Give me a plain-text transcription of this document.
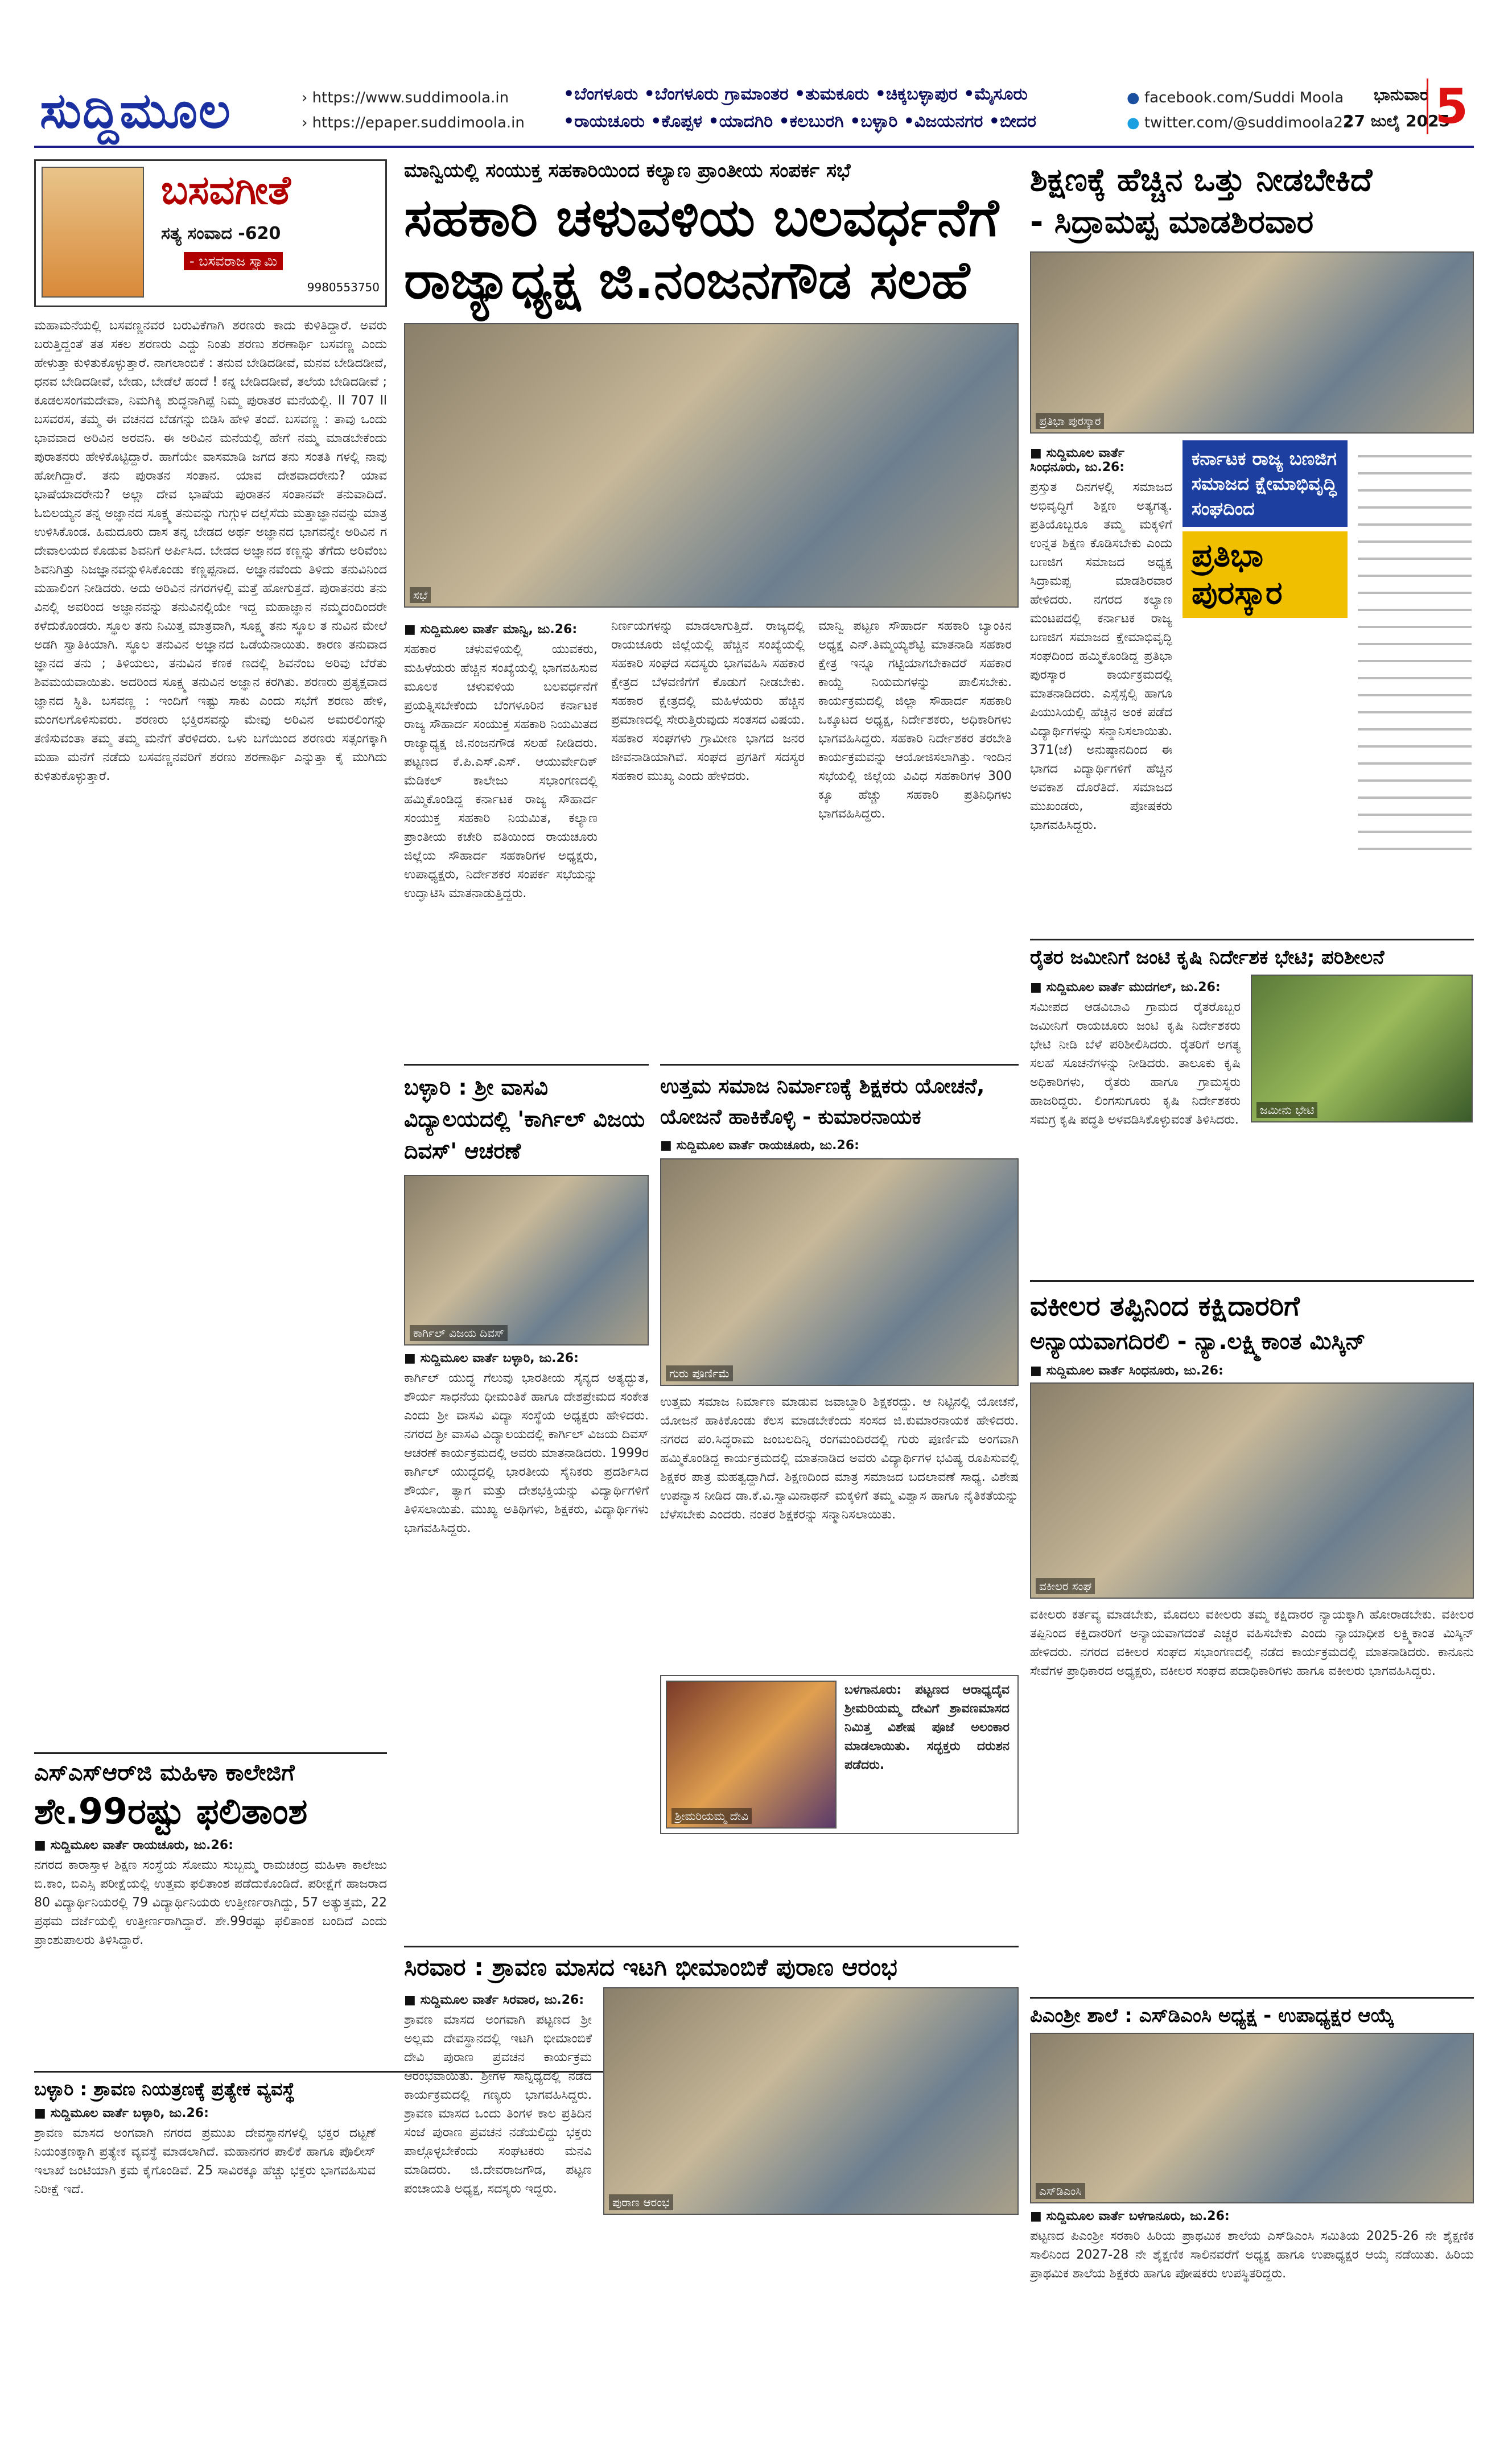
ಸುದ್ದಿಮೂಲ	› https://www.suddimoola.in
› https://epaper.suddimoola.in
•ಬೆಂಗಳೂರು •ಬೆಂಗಳೂರು ಗ್ರಾಮಾಂತರ •ತುಮಕೂರು •ಚಿಕ್ಕಬಳ್ಳಾಪುರ •ಮೈಸೂರು
•ರಾಯಚೂರು •ಕೊಪ್ಪಳ •ಯಾದಗಿರಿ •ಕಲಬುರಗಿ •ಬಳ್ಳಾರಿ •ವಿಜಯನಗರ •ಬೀದರ
● facebook.com/Suddi Moola
● twitter.com/@suddimoola22
ಭಾನುವಾರ
27 ಜುಲೈ 2025
5
ಬಸವಗೀತೆ
ಸತ್ಯ ಸಂವಾದ -620
- ಬಸವರಾಜ ಸ್ವಾಮಿ
9980553750
ಮಹಾಮನೆಯಲ್ಲಿ ಬಸವಣ್ಣನವರ ಬರುವಿಕೆಗಾಗಿ ಶರಣರು ಕಾದು ಕುಳಿತಿದ್ದಾರೆ. ಅವರು ಬರುತ್ತಿದ್ದಂತೆ ತತ ಸಕಲ ಶರಣರು ಎದ್ದು ನಿಂತು ಶರಣು ಶರಣಾರ್ಥಿ ಬಸವಣ್ಣ ಎಂದು ಹೇಳುತ್ತಾ ಕುಳಿತುಕೊಳ್ಳುತ್ತಾರೆ. ನಾಗಲಾಂಬಿಕೆ : ತನುವ ಬೇಡಿದಡೀವೆ, ಮನವ ಬೇಡಿದಡೀವೆ, ಧನವ ಬೇಡಿದಡೀವೆ, ಬೇಡು, ಬೇಡೆಲೆ ಹಂದೆ ! ಕನ್ನ ಬೇಡಿದಡೀವೆ, ತಲೆಯ ಬೇಡಿದಡೀವೆ ; ಕೂಡಲಸಂಗಮದೇವಾ, ನಿಮಗಿಕ್ಕಿ ಶುದ್ಧನಾಗಿಪ್ಪೆ ನಿಮ್ಮ ಪುರಾತರ ಮನೆಯಲ್ಲಿ. ll 707 ll ಬಸವರಸ, ತಮ್ಮ ಈ ವಚನದ ಬೆಡಗನ್ನು ಬಿಡಿಸಿ ಹೇಳಿ ತಂದೆ. ಬಸವಣ್ಣ : ತಾವು ಒಂದು ಭಾವವಾದ ಅರಿವಿನ ಅರವನಿ. ಈ ಅರಿವಿನ ಮನೆಯಲ್ಲಿ ಹೇಗೆ ನಮ್ಮ ಮಾಡಬೇಕೆಂದು ಪುರಾತನರು ಹೇಳಿಕೊಟ್ಟಿದ್ದಾರೆ. ಹಾಗೆಯೇ ವಾಸಮಾಡಿ ಜಗದ ತನು ಸಂತತಿ ಗಳಲ್ಲಿ ನಾವು ಹೋಗಿದ್ದಾರೆ. ತನು ಪುರಾತನ ಸಂತಾನ. ಯಾವ ದೇಶವಾದರೇನು? ಯಾವ ಭಾಷೆಯಾದರೇನು? ಅಲ್ಲಾ ದೇವ ಭಾಷೆಯ ಪುರಾತನ ಸಂತಾನವೇ ತನುವಾದಿದೆ. ಓಬಿಲಯ್ಯನ ತನ್ನ ಅಜ್ಞಾನದ ಸೂಕ್ಷ್ಮ ತನುವನ್ನು ಗುಗ್ಗುಳ ದಲ್ಲೆಸೆದು ಮತ್ತಾಜ್ಞಾನವನ್ನು ಮಾತ್ರ ಉಳಿಸಿಕೊಂಡ. ಹಿಮದೂರು ದಾಸ ತನ್ನ ಬೇಡದ ಅರ್ಥ ಅಜ್ಞಾನದ ಭಾಗವನ್ನೇ ಅರಿವಿನ ಗ ದೇವಾಲಯದ ಕೊಡುವ ಶಿವನಿಗೆ ಅರ್ಪಿಸಿದ. ಬೇಡದ ಅಜ್ಞಾನದ ಕಣ್ಣನ್ನು ತೆಗೆದು ಅರಿವೆಂಬ ಶಿವನಿಗಿತ್ತು ನಿಜಜ್ಞಾನವನ್ನುಳಿಸಿಕೊಂಡು ಕಣ್ಣಪ್ಪನಾದ. ಅಜ್ಞಾನವೆಂದು ತಿಳಿದು ತನುವಿನಿಂದ ಮಹಾಲಿಂಗ ನೀಡಿದರು. ಅದು ಅರಿವಿನ ನಗರಗಳಲ್ಲಿ ಮತ್ತೆ ಹೋಗುತ್ತದೆ. ಪುರಾತನರು ತನು ವಿನಲ್ಲಿ ಅವರಿಂದ ಅಜ್ಞಾನವನ್ನು ತನುವಿನಲ್ಲಿಯೇ ಇದ್ದ ಮಹಾಜ್ಞಾನ ನಮ್ಮದಂದಿಂದರೇ ಕಳೆದುಕೊಂಡರು. ಸ್ಥೂಲ ತನು ನಿಮಿತ್ತ ಮಾತ್ರವಾಗಿ, ಸೂಕ್ಷ್ಮ ತನು ಸ್ಥೂಲ ತ ನುವಿನ ಮೇಲೆ ಅಡಗಿ ಸ್ವಾತಿಕಿಯಾಗಿ. ಸ್ಥೂಲ ತನುವಿನ ಅಜ್ಞಾನದ ಒಡೆಯನಾಯಿತು. ಕಾರಣ ತನುವಾದ ಜ್ಞಾನದ ತನು ; ತಿಳಿಯಲು, ತನುವಿನ ಕಣಕ ಣದಲ್ಲಿ ಶಿವನೆಂಬ ಅರಿವು ಬೆರೆತು ಶಿವಮಯವಾಯಿತು. ಅದರಿಂದ ಸೂಕ್ಷ್ಮ ತನುವಿನ ಅಜ್ಞಾನ ಕರಗಿತು. ಶರಣರು ಪ್ರತ್ಯಕ್ಷವಾದ ಜ್ಞಾನದ ಸ್ಥಿತಿ. ಬಸವಣ್ಣ : ಇಂದಿಗೆ ಇಷ್ಟು ಸಾಕು ಎಂದು ಸಭೆಗೆ ಶರಣು ಹೇಳಿ, ಮಂಗಲಗೊಳಿಸುವರು. ಶರಣರು ಭಕ್ತಿರಸವನ್ನು ಮೇವು ಅರಿವಿನ ಅಮರಲಿಂಗನ್ನು ತಣಿಸುವಂತಾ ತಮ್ಮ ತಮ್ಮ ಮನೆಗೆ ತೆರಳಿದರು. ಒಳು ಬಗೆಯಿಂದ ಶರಣರು ಸತ್ಸಂಗಕ್ಕಾಗಿ ಮಹಾ ಮನೆಗೆ ನಡೆದು ಬಸವಣ್ಣನವರಿಗೆ ಶರಣು ಶರಣಾರ್ಥಿ ಎನ್ನುತ್ತಾ ಕೈ ಮುಗಿದು ಕುಳಿತುಕೊಳ್ಳುತ್ತಾರೆ.
ಎಸ್‌ಎಸ್‌ಆರ್‌ಜಿ ಮಹಿಳಾ ಕಾಲೇಜಿಗೆ
ಶೇ.99ರಷ್ಟು ಫಲಿತಾಂಶ
■ ಸುದ್ದಿಮೂಲ ವಾರ್ತೆ ರಾಯಚೂರು, ಜು.26:
ನಗರದ ಕಾರಾಸ್ತಾಳ ಶಿಕ್ಷಣ ಸಂಸ್ಥೆಯ ಸೋಮು ಸುಬ್ಬಮ್ಮ ರಾಮಚಂದ್ರ ಮಹಿಳಾ ಕಾಲೇಜು ಬಿ.ಕಾಂ, ಬಿಎಸ್ಸಿ ಪರೀಕ್ಷೆಯಲ್ಲಿ ಉತ್ತಮ ಫಲಿತಾಂಶ ಪಡೆದುಕೊಂಡಿದೆ. ಪರೀಕ್ಷೆಗೆ ಹಾಜರಾದ 80 ವಿದ್ಯಾರ್ಥಿನಿಯರಲ್ಲಿ 79 ವಿದ್ಯಾರ್ಥಿನಿಯರು ಉತ್ತೀರ್ಣರಾಗಿದ್ದು, 57 ಅತ್ಯುತ್ತಮ, 22 ಪ್ರಥಮ ದರ್ಜೆಯಲ್ಲಿ ಉತ್ತೀರ್ಣರಾಗಿದ್ದಾರೆ. ಶೇ.99ರಷ್ಟು ಫಲಿತಾಂಶ ಬಂದಿದೆ ಎಂದು ಪ್ರಾಂಶುಪಾಲರು ತಿಳಿಸಿದ್ದಾರೆ.
ಬಳ್ಳಾರಿ : ಶ್ರಾವಣ ನಿಯತ್ರಣಕ್ಕೆ ಪ್ರತ್ಯೇಕ ವ್ಯವಸ್ಥೆ
■ ಸುದ್ದಿಮೂಲ ವಾರ್ತೆ ಬಳ್ಳಾರಿ, ಜು.26:
ಶ್ರಾವಣ ಮಾಸದ ಅಂಗವಾಗಿ ನಗರದ ಪ್ರಮುಖ ದೇವಸ್ಥಾನಗಳಲ್ಲಿ ಭಕ್ತರ ದಟ್ಟಣೆ ನಿಯಂತ್ರಣಕ್ಕಾಗಿ ಪ್ರತ್ಯೇಕ ವ್ಯವಸ್ಥೆ ಮಾಡಲಾಗಿದೆ. ಮಹಾನಗರ ಪಾಲಿಕೆ ಹಾಗೂ ಪೊಲೀಸ್ ಇಲಾಖೆ ಜಂಟಿಯಾಗಿ ಕ್ರಮ ಕೈಗೊಂಡಿವೆ. 25 ಸಾವಿರಕ್ಕೂ ಹೆಚ್ಚು ಭಕ್ತರು ಭಾಗವಹಿಸುವ ನಿರೀಕ್ಷೆ ಇದೆ.
ಮಾನ್ವಿಯಲ್ಲಿ ಸಂಯುಕ್ತ ಸಹಕಾರಿಯಿಂದ ಕಲ್ಯಾಣ ಪ್ರಾಂತೀಯ ಸಂಪರ್ಕ ಸಭೆ
ಸಹಕಾರಿ ಚಳುವಳಿಯ ಬಲವರ್ಧನೆಗೆ
ರಾಜ್ಯಾಧ್ಯಕ್ಷ ಜಿ.ನಂಜನಗೌಡ ಸಲಹೆ
ಸಭೆ
■ ಸುದ್ದಿಮೂಲ ವಾರ್ತೆ ಮಾನ್ವಿ, ಜು.26:
ಸಹಕಾರ ಚಳುವಳಿಯಲ್ಲಿ ಯುವಕರು, ಮಹಿಳೆಯರು ಹೆಚ್ಚಿನ ಸಂಖ್ಯೆಯಲ್ಲಿ ಭಾಗವಹಿಸುವ ಮೂಲಕ ಚಳುವಳಿಯ ಬಲವರ್ಧನೆಗೆ ಪ್ರಯತ್ನಿಸಬೇಕೆಂದು ಬೆಂಗಳೂರಿನ ಕರ್ನಾಟಕ ರಾಜ್ಯ ಸೌಹಾರ್ದ ಸಂಯುಕ್ತ ಸಹಕಾರಿ ನಿಯಮಿತದ ರಾಜ್ಯಾಧ್ಯಕ್ಷ ಜಿ.ನಂಜನಗೌಡ ಸಲಹೆ ನೀಡಿದರು. ಪಟ್ಟಣದ ಕೆ.ಪಿ.ಎಸ್.ಎಸ್. ಆಯುರ್ವೇದಿಕ್ ಮೆಡಿಕಲ್ ಕಾಲೇಜು ಸಭಾಂಗಣದಲ್ಲಿ ಹಮ್ಮಿಕೊಂಡಿದ್ದ ಕರ್ನಾಟಕ ರಾಜ್ಯ ಸೌಹಾರ್ದ ಸಂಯುಕ್ತ ಸಹಕಾರಿ ನಿಯಮಿತ, ಕಲ್ಯಾಣ ಪ್ರಾಂತೀಯ ಕಚೇರಿ ವತಿಯಿಂದ ರಾಯಚೂರು ಜಿಲ್ಲೆಯ ಸೌಹಾರ್ದ ಸಹಕಾರಿಗಳ ಅಧ್ಯಕ್ಷರು, ಉಪಾಧ್ಯಕ್ಷರು, ನಿರ್ದೇಶಕರ ಸಂಪರ್ಕ ಸಭೆಯನ್ನು ಉದ್ಘಾಟಿಸಿ ಮಾತನಾಡುತ್ತಿದ್ದರು.
ನಿರ್ಣಯಗಳನ್ನು ಮಾಡಲಾಗುತ್ತಿದೆ. ರಾಜ್ಯದಲ್ಲಿ ರಾಯಚೂರು ಜಿಲ್ಲೆಯಲ್ಲಿ ಹೆಚ್ಚಿನ ಸಂಖ್ಯೆಯಲ್ಲಿ ಸಹಕಾರಿ ಸಂಘದ ಸದಸ್ಯರು ಭಾಗವಹಿಸಿ ಸಹಕಾರ ಕ್ಷೇತ್ರದ ಬೆಳವಣಿಗೆಗೆ ಕೊಡುಗೆ ನೀಡಬೇಕು. ಸಹಕಾರ ಕ್ಷೇತ್ರದಲ್ಲಿ ಮಹಿಳೆಯರು ಹೆಚ್ಚಿನ ಪ್ರಮಾಣದಲ್ಲಿ ಸೇರುತ್ತಿರುವುದು ಸಂತಸದ ವಿಷಯ. ಸಹಕಾರ ಸಂಘಗಳು ಗ್ರಾಮೀಣ ಭಾಗದ ಜನರ ಜೀವನಾಡಿಯಾಗಿವೆ. ಸಂಘದ ಪ್ರಗತಿಗೆ ಸದಸ್ಯರ ಸಹಕಾರ ಮುಖ್ಯ ಎಂದು ಹೇಳಿದರು.
ಮಾನ್ವಿ ಪಟ್ಟಣ ಸೌಹಾರ್ದ ಸಹಕಾರಿ ಬ್ಯಾಂಕಿನ ಅಧ್ಯಕ್ಷ ಎನ್.ತಿಮ್ಮಯ್ಯಶೆಟ್ಟಿ ಮಾತನಾಡಿ ಸಹಕಾರ ಕ್ಷೇತ್ರ ಇನ್ನೂ ಗಟ್ಟಿಯಾಗಬೇಕಾದರೆ ಸಹಕಾರ ಕಾಯ್ದೆ ನಿಯಮಗಳನ್ನು ಪಾಲಿಸಬೇಕು. ಕಾರ್ಯಕ್ರಮದಲ್ಲಿ ಜಿಲ್ಲಾ ಸೌಹಾರ್ದ ಸಹಕಾರಿ ಒಕ್ಕೂಟದ ಅಧ್ಯಕ್ಷ, ನಿರ್ದೇಶಕರು, ಅಧಿಕಾರಿಗಳು ಭಾಗವಹಿಸಿದ್ದರು. ಸಹಕಾರಿ ನಿರ್ದೇಶಕರ ತರಬೇತಿ ಕಾರ್ಯಕ್ರಮವನ್ನು ಆಯೋಜಿಸಲಾಗಿತ್ತು. ಇಂದಿನ ಸಭೆಯಲ್ಲಿ ಜಿಲ್ಲೆಯ ವಿವಿಧ ಸಹಕಾರಿಗಳ 300 ಕ್ಕೂ ಹೆಚ್ಚು ಸಹಕಾರಿ ಪ್ರತಿನಿಧಿಗಳು ಭಾಗವಹಿಸಿದ್ದರು.
ಬಳ್ಳಾರಿ : ಶ್ರೀ ವಾಸವಿ ವಿದ್ಯಾಲಯದಲ್ಲಿ 'ಕಾರ್ಗಿಲ್ ವಿಜಯ ದಿವಸ್' ಆಚರಣೆ
ಕಾರ್ಗಿಲ್ ವಿಜಯ ದಿವಸ್
■ ಸುದ್ದಿಮೂಲ ವಾರ್ತೆ ಬಳ್ಳಾರಿ, ಜು.26:
ಕಾರ್ಗಿಲ್ ಯುದ್ಧ ಗೆಲುವು ಭಾರತೀಯ ಸೈನ್ಯದ ಅತ್ಯದ್ಭುತ, ಶೌರ್ಯ ಸಾಧನೆಯ ಧೀಮಂತಿಕೆ ಹಾಗೂ ದೇಶಪ್ರೇಮದ ಸಂಕೇತ ಎಂದು ಶ್ರೀ ವಾಸವಿ ವಿದ್ಯಾ ಸಂಸ್ಥೆಯ ಅಧ್ಯಕ್ಷರು ಹೇಳಿದರು. ನಗರದ ಶ್ರೀ ವಾಸವಿ ವಿದ್ಯಾಲಯದಲ್ಲಿ ಕಾರ್ಗಿಲ್ ವಿಜಯ ದಿವಸ್ ಆಚರಣೆ ಕಾರ್ಯಕ್ರಮದಲ್ಲಿ ಅವರು ಮಾತನಾಡಿದರು. 1999ರ ಕಾರ್ಗಿಲ್ ಯುದ್ಧದಲ್ಲಿ ಭಾರತೀಯ ಸೈನಿಕರು ಪ್ರದರ್ಶಿಸಿದ ಶೌರ್ಯ, ತ್ಯಾಗ ಮತ್ತು ದೇಶಭಕ್ತಿಯನ್ನು ವಿದ್ಯಾರ್ಥಿಗಳಿಗೆ ತಿಳಿಸಲಾಯಿತು. ಮುಖ್ಯ ಅತಿಥಿಗಳು, ಶಿಕ್ಷಕರು, ವಿದ್ಯಾರ್ಥಿಗಳು ಭಾಗವಹಿಸಿದ್ದರು.
ಉತ್ತಮ ಸಮಾಜ ನಿರ್ಮಾಣಕ್ಕೆ ಶಿಕ್ಷಕರು ಯೋಚನೆ, ಯೋಜನೆ ಹಾಕಿಕೊಳ್ಳಿ - ಕುಮಾರನಾಯಕ
■ ಸುದ್ದಿಮೂಲ ವಾರ್ತೆ ರಾಯಚೂರು, ಜು.26:
ಗುರು ಪೂರ್ಣಿಮೆ
ಉತ್ತಮ ಸಮಾಜ ನಿರ್ಮಾಣ ಮಾಡುವ ಜವಾಬ್ದಾರಿ ಶಿಕ್ಷಕರದ್ದು. ಆ ನಿಟ್ಟಿನಲ್ಲಿ ಯೋಚನೆ, ಯೋಜನೆ ಹಾಕಿಕೊಂಡು ಕೆಲಸ ಮಾಡಬೇಕೆಂದು ಸಂಸದ ಜಿ.ಕುಮಾರನಾಯಕ ಹೇಳಿದರು. ನಗರದ ಪಂ.ಸಿದ್ಧರಾಮ ಜಂಬಲದಿನ್ನಿ ರಂಗಮಂದಿರದಲ್ಲಿ ಗುರು ಪೂರ್ಣಿಮೆ ಅಂಗವಾಗಿ ಹಮ್ಮಿಕೊಂಡಿದ್ದ ಕಾರ್ಯಕ್ರಮದಲ್ಲಿ ಮಾತನಾಡಿದ ಅವರು ವಿದ್ಯಾರ್ಥಿಗಳ ಭವಿಷ್ಯ ರೂಪಿಸುವಲ್ಲಿ ಶಿಕ್ಷಕರ ಪಾತ್ರ ಮಹತ್ವದ್ದಾಗಿದೆ. ಶಿಕ್ಷಣದಿಂದ ಮಾತ್ರ ಸಮಾಜದ ಬದಲಾವಣೆ ಸಾಧ್ಯ. ವಿಶೇಷ ಉಪನ್ಯಾಸ ನೀಡಿದ ಡಾ.ಕೆ.ವಿ.ಸ್ವಾಮಿನಾಥನ್ ಮಕ್ಕಳಿಗೆ ತಮ್ಮ ವಿಶ್ವಾಸ ಹಾಗೂ ನೈತಿಕತೆಯನ್ನು ಬೆಳೆಸಬೇಕು ಎಂದರು. ನಂತರ ಶಿಕ್ಷಕರನ್ನು ಸನ್ಮಾನಿಸಲಾಯಿತು.
ಶ್ರೀಮರಿಯಮ್ಮ ದೇವಿ
ಬಳಗಾನೂರು: ಪಟ್ಟಣದ ಆರಾಧ್ಯದೈವ ಶ್ರೀಮರಿಯಮ್ಮ ದೇವಿಗೆ ಶ್ರಾವಣಮಾಸದ ನಿಮಿತ್ತ ವಿಶೇಷ ಪೂಜೆ ಅಲಂಕಾರ ಮಾಡಲಾಯಿತು. ಸದ್ಭಕ್ತರು ದರುಶನ ಪಡೆದರು.
ಸಿರವಾರ : ಶ್ರಾವಣ ಮಾಸದ ಇಟಗಿ ಭೀಮಾಂಬಿಕೆ ಪುರಾಣ ಆರಂಭ
■ ಸುದ್ದಿಮೂಲ ವಾರ್ತೆ ಸಿರವಾರ, ಜು.26:
ಶ್ರಾವಣ ಮಾಸದ ಅಂಗವಾಗಿ ಪಟ್ಟಣದ ಶ್ರೀ ಅಲ್ಲಮ ದೇವಸ್ಥಾನದಲ್ಲಿ ಇಟಗಿ ಭೀಮಾಂಬಿಕೆ ದೇವಿ ಪುರಾಣ ಪ್ರವಚನ ಕಾರ್ಯಕ್ರಮ ಆರಂಭವಾಯಿತು. ಶ್ರೀಗಳ ಸಾನ್ನಿಧ್ಯದಲ್ಲಿ ನಡೆದ ಕಾರ್ಯಕ್ರಮದಲ್ಲಿ ಗಣ್ಯರು ಭಾಗವಹಿಸಿದ್ದರು. ಶ್ರಾವಣ ಮಾಸದ ಒಂದು ತಿಂಗಳ ಕಾಲ ಪ್ರತಿದಿನ ಸಂಜೆ ಪುರಾಣ ಪ್ರವಚನ ನಡೆಯಲಿದ್ದು ಭಕ್ತರು ಪಾಲ್ಗೊಳ್ಳಬೇಕೆಂದು ಸಂಘಟಕರು ಮನವಿ ಮಾಡಿದರು. ಜಿ.ದೇವರಾಜಗೌಡ, ಪಟ್ಟಣ ಪಂಚಾಯತಿ ಅಧ್ಯಕ್ಷ, ಸದಸ್ಯರು ಇದ್ದರು.
ಪುರಾಣ ಆರಂಭ
ಶಿಕ್ಷಣಕ್ಕೆ ಹೆಚ್ಚಿನ ಒತ್ತು ನೀಡಬೇಕಿದೆ
- ಸಿದ್ರಾಮಪ್ಪ ಮಾಡಶಿರವಾರ
ಪ್ರತಿಭಾ ಪುರಸ್ಕಾರ
■ ಸುದ್ದಿಮೂಲ ವಾರ್ತೆ ಸಿಂಧನೂರು, ಜು.26:
ಪ್ರಸ್ತುತ ದಿನಗಳಲ್ಲಿ ಸಮಾಜದ ಅಭಿವೃದ್ಧಿಗೆ ಶಿಕ್ಷಣ ಅತ್ಯಗತ್ಯ. ಪ್ರತಿಯೊಬ್ಬರೂ ತಮ್ಮ ಮಕ್ಕಳಿಗೆ ಉನ್ನತ ಶಿಕ್ಷಣ ಕೊಡಿಸಬೇಕು ಎಂದು ಬಣಜಿಗ ಸಮಾಜದ ಅಧ್ಯಕ್ಷ ಸಿದ್ರಾಮಪ್ಪ ಮಾಡಶಿರವಾರ ಹೇಳಿದರು. ನಗರದ ಕಲ್ಯಾಣ ಮಂಟಪದಲ್ಲಿ ಕರ್ನಾಟಕ ರಾಜ್ಯ ಬಣಜಿಗ ಸಮಾಜದ ಕ್ಷೇಮಾಭಿವೃದ್ಧಿ ಸಂಘದಿಂದ ಹಮ್ಮಿಕೊಂಡಿದ್ದ ಪ್ರತಿಭಾ ಪುರಸ್ಕಾರ ಕಾರ್ಯಕ್ರಮದಲ್ಲಿ ಮಾತನಾಡಿದರು. ಎಸ್ಸೆಸ್ಸೆಲ್ಸಿ ಹಾಗೂ ಪಿಯುಸಿಯಲ್ಲಿ ಹೆಚ್ಚಿನ ಅಂಕ ಪಡೆದ ವಿದ್ಯಾರ್ಥಿಗಳನ್ನು ಸನ್ಮಾನಿಸಲಾಯಿತು. 371(ಜೆ) ಅನುಷ್ಠಾನದಿಂದ ಈ ಭಾಗದ ವಿದ್ಯಾರ್ಥಿಗಳಿಗೆ ಹೆಚ್ಚಿನ ಅವಕಾಶ ದೊರೆತಿದೆ. ಸಮಾಜದ ಮುಖಂಡರು, ಪೋಷಕರು ಭಾಗವಹಿಸಿದ್ದರು.
ಕರ್ನಾಟಕ ರಾಜ್ಯ ಬಣಜಿಗ ಸಮಾಜದ ಕ್ಷೇಮಾಭಿವೃದ್ಧಿ ಸಂಘದಿಂದ
ಪ್ರತಿಭಾ ಪುರಸ್ಕಾರ
ರೈತರ ಜಮೀನಿಗೆ ಜಂಟಿ ಕೃಷಿ ನಿರ್ದೇಶಕ ಭೇಟಿ; ಪರಿಶೀಲನೆ
■ ಸುದ್ದಿಮೂಲ ವಾರ್ತೆ ಮುದಗಲ್, ಜು.26:
ಸಮೀಪದ ಆಡವಿಬಾವಿ ಗ್ರಾಮದ ರೈತರೊಬ್ಬರ ಜಮೀನಿಗೆ ರಾಯಚೂರು ಜಂಟಿ ಕೃಷಿ ನಿರ್ದೇಶಕರು ಭೇಟಿ ನೀಡಿ ಬೆಳೆ ಪರಿಶೀಲಿಸಿದರು. ರೈತರಿಗೆ ಅಗತ್ಯ ಸಲಹೆ ಸೂಚನೆಗಳನ್ನು ನೀಡಿದರು. ತಾಲೂಕು ಕೃಷಿ ಅಧಿಕಾರಿಗಳು, ರೈತರು ಹಾಗೂ ಗ್ರಾಮಸ್ಥರು ಹಾಜರಿದ್ದರು. ಲಿಂಗಸುಗೂರು ಕೃಷಿ ನಿರ್ದೇಶಕರು ಸಮಗ್ರ ಕೃಷಿ ಪದ್ಧತಿ ಅಳವಡಿಸಿಕೊಳ್ಳುವಂತೆ ತಿಳಿಸಿದರು.
ಜಮೀನು ಭೇಟಿ
ವಕೀಲರ ತಪ್ಪಿನಿಂದ ಕಕ್ಷಿದಾರರಿಗೆ
ಅನ್ಯಾಯವಾಗದಿರಲಿ - ನ್ಯಾ.ಲಕ್ಷ್ಮಿಕಾಂತ ಮಿಸ್ಕಿನ್
■ ಸುದ್ದಿಮೂಲ ವಾರ್ತೆ ಸಿಂಧನೂರು, ಜು.26:
ವಕೀಲರ ಸಂಘ
ವಕೀಲರು ಕರ್ತವ್ಯ ಮಾಡಬೇಕು, ಮೊದಲು ವಕೀಲರು ತಮ್ಮ ಕಕ್ಷಿದಾರರ ನ್ಯಾಯಕ್ಕಾಗಿ ಹೋರಾಡಬೇಕು. ವಕೀಲರ ತಪ್ಪಿನಿಂದ ಕಕ್ಷಿದಾರರಿಗೆ ಅನ್ಯಾಯವಾಗದಂತೆ ಎಚ್ಚರ ವಹಿಸಬೇಕು ಎಂದು ನ್ಯಾಯಾಧೀಶ ಲಕ್ಷ್ಮಿಕಾಂತ ಮಿಸ್ಕಿನ್ ಹೇಳಿದರು. ನಗರದ ವಕೀಲರ ಸಂಘದ ಸಭಾಂಗಣದಲ್ಲಿ ನಡೆದ ಕಾರ್ಯಕ್ರಮದಲ್ಲಿ ಮಾತನಾಡಿದರು. ಕಾನೂನು ಸೇವೆಗಳ ಪ್ರಾಧಿಕಾರದ ಅಧ್ಯಕ್ಷರು, ವಕೀಲರ ಸಂಘದ ಪದಾಧಿಕಾರಿಗಳು ಹಾಗೂ ವಕೀಲರು ಭಾಗವಹಿಸಿದ್ದರು.
ಪಿಎಂಶ್ರೀ ಶಾಲೆ : ಎಸ್‌ಡಿಎಂಸಿ ಅಧ್ಯಕ್ಷ - ಉಪಾಧ್ಯಕ್ಷರ ಆಯ್ಕೆ
ಎಸ್‌ಡಿಎಂಸಿ
■ ಸುದ್ದಿಮೂಲ ವಾರ್ತೆ ಬಳಗಾನೂರು, ಜು.26:
ಪಟ್ಟಣದ ಪಿಎಂಶ್ರೀ ಸರಕಾರಿ ಹಿರಿಯ ಪ್ರಾಥಮಿಕ ಶಾಲೆಯ ಎಸ್‌ಡಿಎಂಸಿ ಸಮಿತಿಯ 2025-26 ನೇ ಶೈಕ್ಷಣಿಕ ಸಾಲಿನಿಂದ 2027-28 ನೇ ಶೈಕ್ಷಣಿಕ ಸಾಲಿನವರೆಗೆ ಅಧ್ಯಕ್ಷ ಹಾಗೂ ಉಪಾಧ್ಯಕ್ಷರ ಆಯ್ಕೆ ನಡೆಯಿತು. ಹಿರಿಯ ಪ್ರಾಥಮಿಕ ಶಾಲೆಯ ಶಿಕ್ಷಕರು ಹಾಗೂ ಪೋಷಕರು ಉಪಸ್ಥಿತರಿದ್ದರು.
